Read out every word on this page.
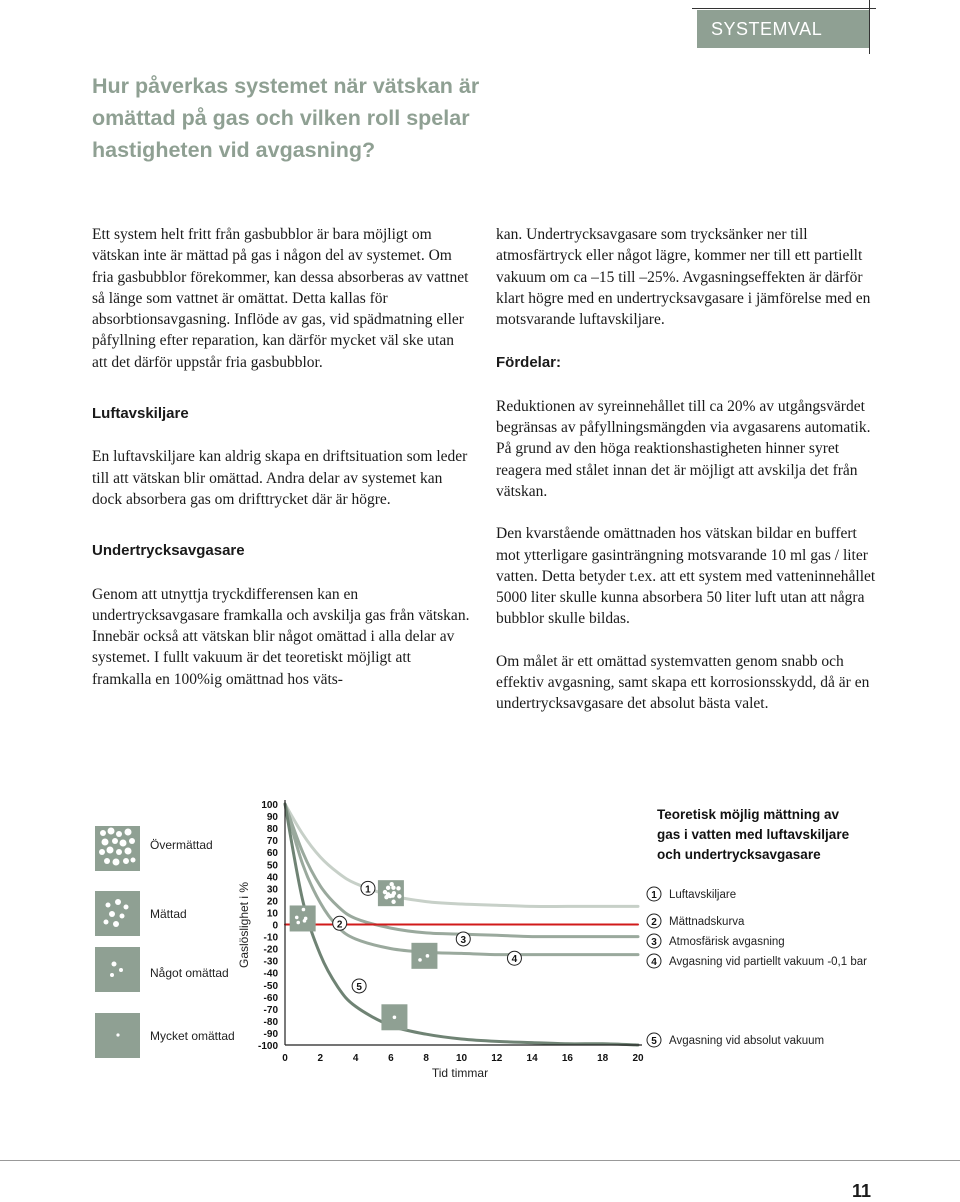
SYSTEMVAL
Hur påverkas systemet när vätskan är omättad på gas och vilken roll spelar hastigheten vid avgasning?

Ett system helt fritt från gasbubblor är bara möjligt om vätskan inte är mättad på gas i någon del av systemet. Om fria gasbubblor förekommer, kan dessa absorberas av vattnet så länge som vattnet är omättat. Detta kallas för absorbtionsavgasning. Inflöde av gas, vid spädmatning eller påfyllning efter reparation, kan därför mycket väl ske utan att det därför uppstår fria gasbubblor.

Luftavskiljare

En luftavskiljare kan aldrig skapa en driftsituation som leder till att vätskan blir omättad. Andra delar av systemet kan dock absorbera gas om drifttrycket där är högre.

Undertrycksavgasare

Genom att utnyttja tryckdifferensen kan en undertrycksavgasare framkalla och avskilja gas från vätskan. Innebär också att vätskan blir något omättad i alla delar av systemet. I fullt vakuum är det teoretiskt möjligt att framkalla en 100%ig omättnad hos väts-

kan. Undertrycksavgasare som trycksänker ner till atmosfärtryck eller något lägre, kommer ner till ett partiellt vakuum om ca –15 till –25%. Avgasningseffekten är därför klart högre med en undertrycksavgasare i jämförelse med en motsvarande luftavskiljare.

Fördelar:

Reduktionen av syreinnehållet till ca 20% av utgångsvärdet begränsas av påfyllningsmängden via avgasarens automatik. På grund av den höga reaktionshastigheten hinner syret reagera med stålet innan det är möjligt att avskilja det från vätskan.

Den kvarstående omättnaden hos vätskan bildar en buffert mot ytterligare gasinträngning motsvarande 10 ml gas / liter vatten. Detta betyder t.ex. att ett system med vatteninnehållet 5000 liter skulle kunna absorbera 50 liter luft utan att några bubblor skulle bildas.

Om målet är ett omättad systemvatten genom snabb och effektiv avgasning, samt skapa ett korrosionsskydd, då är en undertrycksavgasare det absolut bästa valet.

Övermättad
Mättad
Något omättad
Mycket omättad
Gaslöslighet i %
100
90
80
70
60
50
40
30
20
10
0
-10
-20
-30
-40
-50
-60
-70
-80
-90
-100
0	2	4	6	8	10 12 14 16 18 20
1
2
3
4
5
Tid timmar
Teoretisk möjlig mättning av
gas i vatten med luftavskiljare
och undertrycksavgasare
1 Luftavskiljare
2 Mättnadskurva
3 Atmosfärisk avgasning
4 Avgasning vid partiellt vakuum -0,1 bar
5 Avgasning vid absolut vakuum
11
